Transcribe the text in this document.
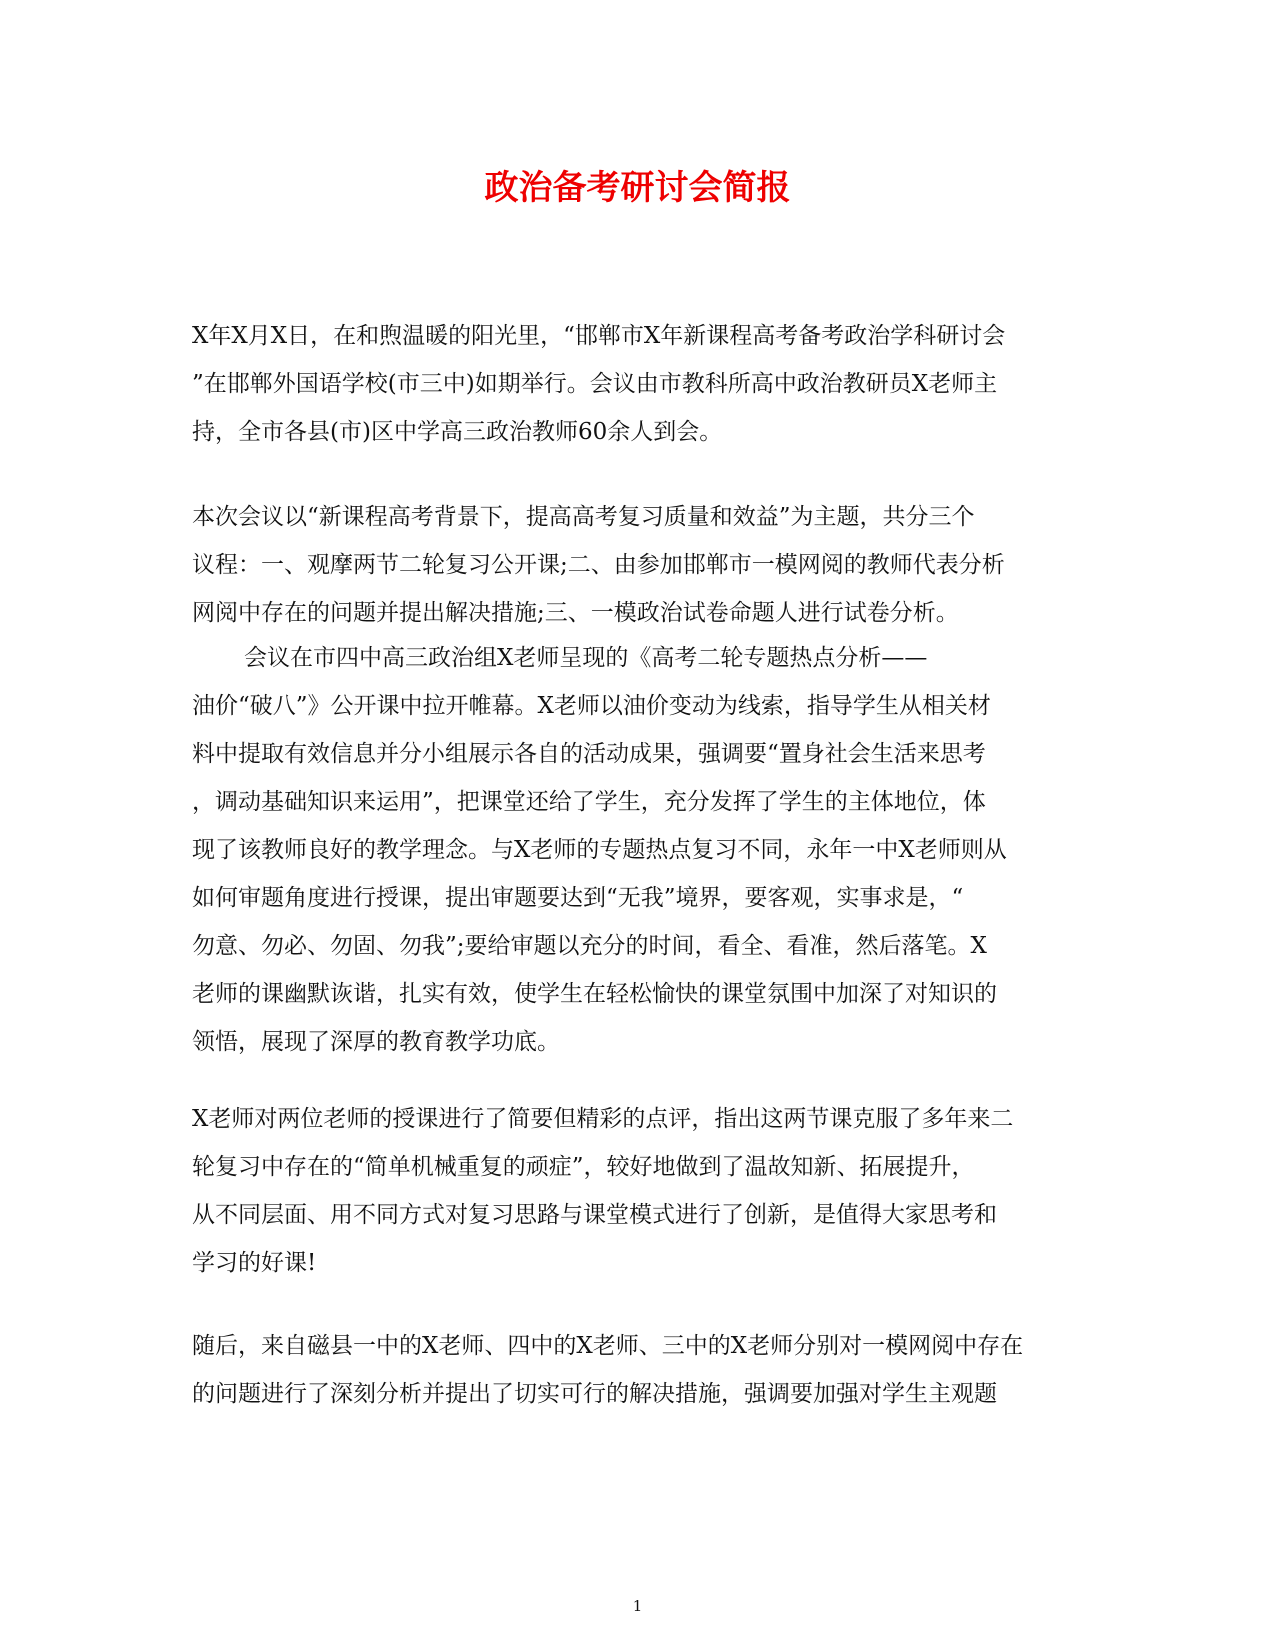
政治备考研讨会简报
X年X月X日，在和煦温暖的阳光里，“邯郸市X年新课程高考备考政治学科研讨会
”在邯郸外国语学校(市三中)如期举行。会议由市教科所高中政治教研员X老师主
持，全市各县(市)区中学高三政治教师60余人到会。
本次会议以“新课程高考背景下，提高高考复习质量和效益”为主题，共分三个
议程：一、观摩两节二轮复习公开课;二、由参加邯郸市一模网阅的教师代表分析
网阅中存在的问题并提出解决措施;三、一模政治试卷命题人进行试卷分析。
会议在市四中高三政治组X老师呈现的《高考二轮专题热点分析——
油价“破八”》公开课中拉开帷幕。X老师以油价变动为线索，指导学生从相关材
料中提取有效信息并分小组展示各自的活动成果，强调要“置身社会生活来思考
，调动基础知识来运用”，把课堂还给了学生，充分发挥了学生的主体地位，体
现了该教师良好的教学理念。与X老师的专题热点复习不同，永年一中X老师则从
如何审题角度进行授课，提出审题要达到“无我”境界，要客观，实事求是，“
勿意、勿必、勿固、勿我”;要给审题以充分的时间，看全、看准，然后落笔。X
老师的课幽默诙谐，扎实有效，使学生在轻松愉快的课堂氛围中加深了对知识的
领悟，展现了深厚的教育教学功底。
X老师对两位老师的授课进行了简要但精彩的点评，指出这两节课克服了多年来二
轮复习中存在的“简单机械重复的顽症”，较好地做到了温故知新、拓展提升，
从不同层面、用不同方式对复习思路与课堂模式进行了创新，是值得大家思考和
学习的好课!
随后，来自磁县一中的X老师、四中的X老师、三中的X老师分别对一模网阅中存在
的问题进行了深刻分析并提出了切实可行的解决措施，强调要加强对学生主观题
1
